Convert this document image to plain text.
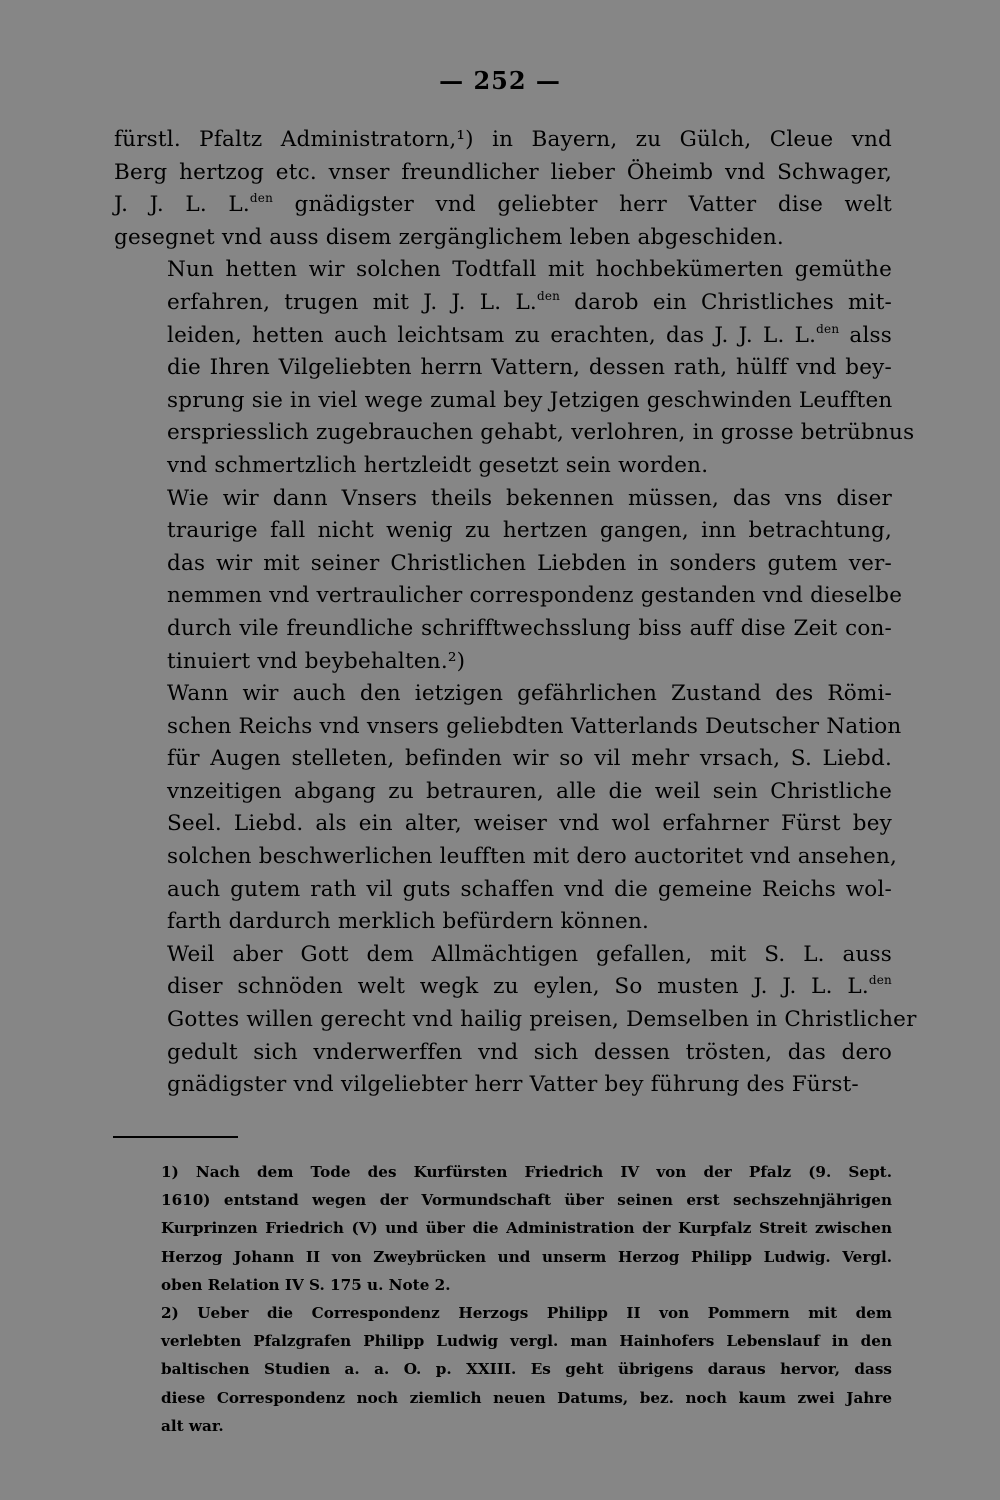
— 252 —

fürstl. Pfaltz Administratorn,¹) in Bayern, zu Gülch, Cleue vnd
Berg hertzog etc. vnser freundlicher lieber Öheimb vnd Schwager,
J. J. L. L.$^{den}$ gnädigster vnd geliebter herr Vatter dise welt
gesegnet vnd auss disem zergänglichem leben abgeschiden.

Nun hetten wir solchen Todtfall mit hochbekümerten gemüthe
erfahren, trugen mit J. J. L. L.$^{den}$ darob ein Christliches mit-
leiden, hetten auch leichtsam zu erachten, das J. J. L. L.$^{den}$ alss
die Ihren Vilgeliebten herrn Vattern, dessen rath, hülff vnd bey-
sprung sie in viel wege zumal bey Jetzigen geschwinden Leufften
erspriesslich zugebrauchen gehabt, verlohren, in grosse betrübnus
vnd schmertzlich hertzleidt gesetzt sein worden.

Wie wir dann Vnsers theils bekennen müssen, das vns diser
traurige fall nicht wenig zu hertzen gangen, inn betrachtung,
das wir mit seiner Christlichen Liebden in sonders gutem ver-
nemmen vnd vertraulicher correspondenz gestanden vnd dieselbe
durch vile freundliche schrifftwechsslung biss auff dise Zeit con-
tinuiert vnd beybehalten.²)

Wann wir auch den ietzigen gefährlichen Zustand des Römi-
schen Reichs vnd vnsers geliebdten Vatterlands Deutscher Nation
für Augen stelleten, befinden wir so vil mehr vrsach, S. Liebd.
vnzeitigen abgang zu betrauren, alle die weil sein Christliche
Seel. Liebd. als ein alter, weiser vnd wol erfahrner Fürst bey
solchen beschwerlichen leufften mit dero auctoritet vnd ansehen,
auch gutem rath vil guts schaffen vnd die gemeine Reichs wol-
farth dardurch merklich befürdern können.

Weil aber Gott dem Allmächtigen gefallen, mit S. L. auss
diser schnöden welt wegk zu eylen, So musten J. J. L. L.$^{den}$
Gottes willen gerecht vnd hailig preisen, Demselben in Christlicher
gedult sich vnderwerffen vnd sich dessen trösten, das dero
gnädigster vnd vilgeliebter herr Vatter bey führung des Fürst-

1) Nach dem Tode des Kurfürsten Friedrich IV von der Pfalz (9. Sept.
1610) entstand wegen der Vormundschaft über seinen erst sechszehnjährigen
Kurprinzen Friedrich (V) und über die Administration der Kurpfalz Streit zwischen
Herzog Johann II von Zweybrücken und unserm Herzog Philipp Ludwig. Vergl.
oben Relation IV S. 175 u. Note 2.

2) Ueber die Correspondenz Herzogs Philipp II von Pommern mit dem
verlebten Pfalzgrafen Philipp Ludwig vergl. man Hainhofers Lebenslauf in den
baltischen Studien a. a. O. p. XXIII. Es geht übrigens daraus hervor, dass
diese Correspondenz noch ziemlich neuen Datums, bez. noch kaum zwei Jahre
alt war.
